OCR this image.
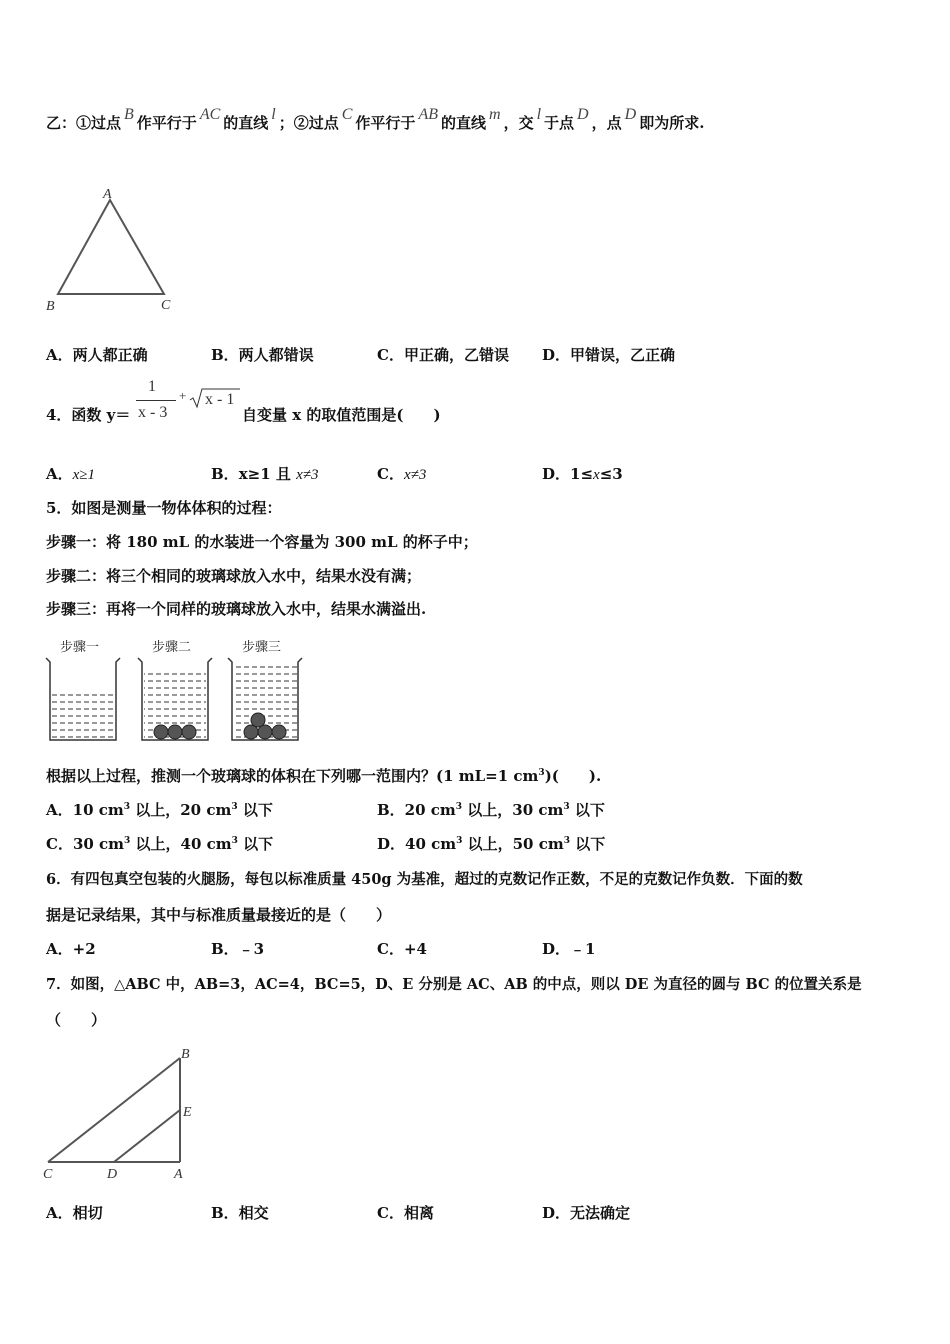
乙：①过点 B 作平行于 AC 的直线 l ；②过点 C 作平行于 AB 的直线 m ，交 l 于点 D ，点 D 即为所求.
A
B	C
A．两人都正确	B．两人都错误	C．甲正确，乙错误 D．甲错误，乙正确
4．函数 y＝
1
x - 3
+ x - 1
自变量 x 的取值范围是(　　)
A．x≥1	B．x≥1 且 x≠3	C．x≠3	D．1≤x≤3
5．如图是测量一物体体积的过程：
步骤一：将 180 mL 的水装进一个容量为 300 mL 的杯子中；
步骤二：将三个相同的玻璃球放入水中，结果水没有满；
步骤三：再将一个同样的玻璃球放入水中，结果水满溢出.
步骤一	步骤二	步骤三
根据以上过程，推测一个玻璃球的体积在下列哪一范围内？(1 mL=1 $cm^3$)(　　).
A．10 $cm^3$ 以上，20 $cm^3$ 以下	B．20 $cm^3$ 以上，30 $cm^3$ 以下
C．30 $cm^3$ 以上，40 $cm^3$ 以下	D．40 $cm^3$ 以上，50 $cm^3$ 以下
6．有四包真空包装的火腿肠，每包以标准质量 450g 为基准，超过的克数记作正数，不足的克数记作负数．下面的数
据是记录结果，其中与标准质量最接近的是（　　）
A．+2	B．﹣3	C．+4	D．﹣1
7．如图，△ABC 中，AB=3，AC=4，BC=5，D、E 分别是 AC、AB 的中点，则以 DE 为直径的圆与 BC 的位置关系是
（　　）
B
E
C	D	A
A．相切	B．相交	C．相离	D．无法确定
